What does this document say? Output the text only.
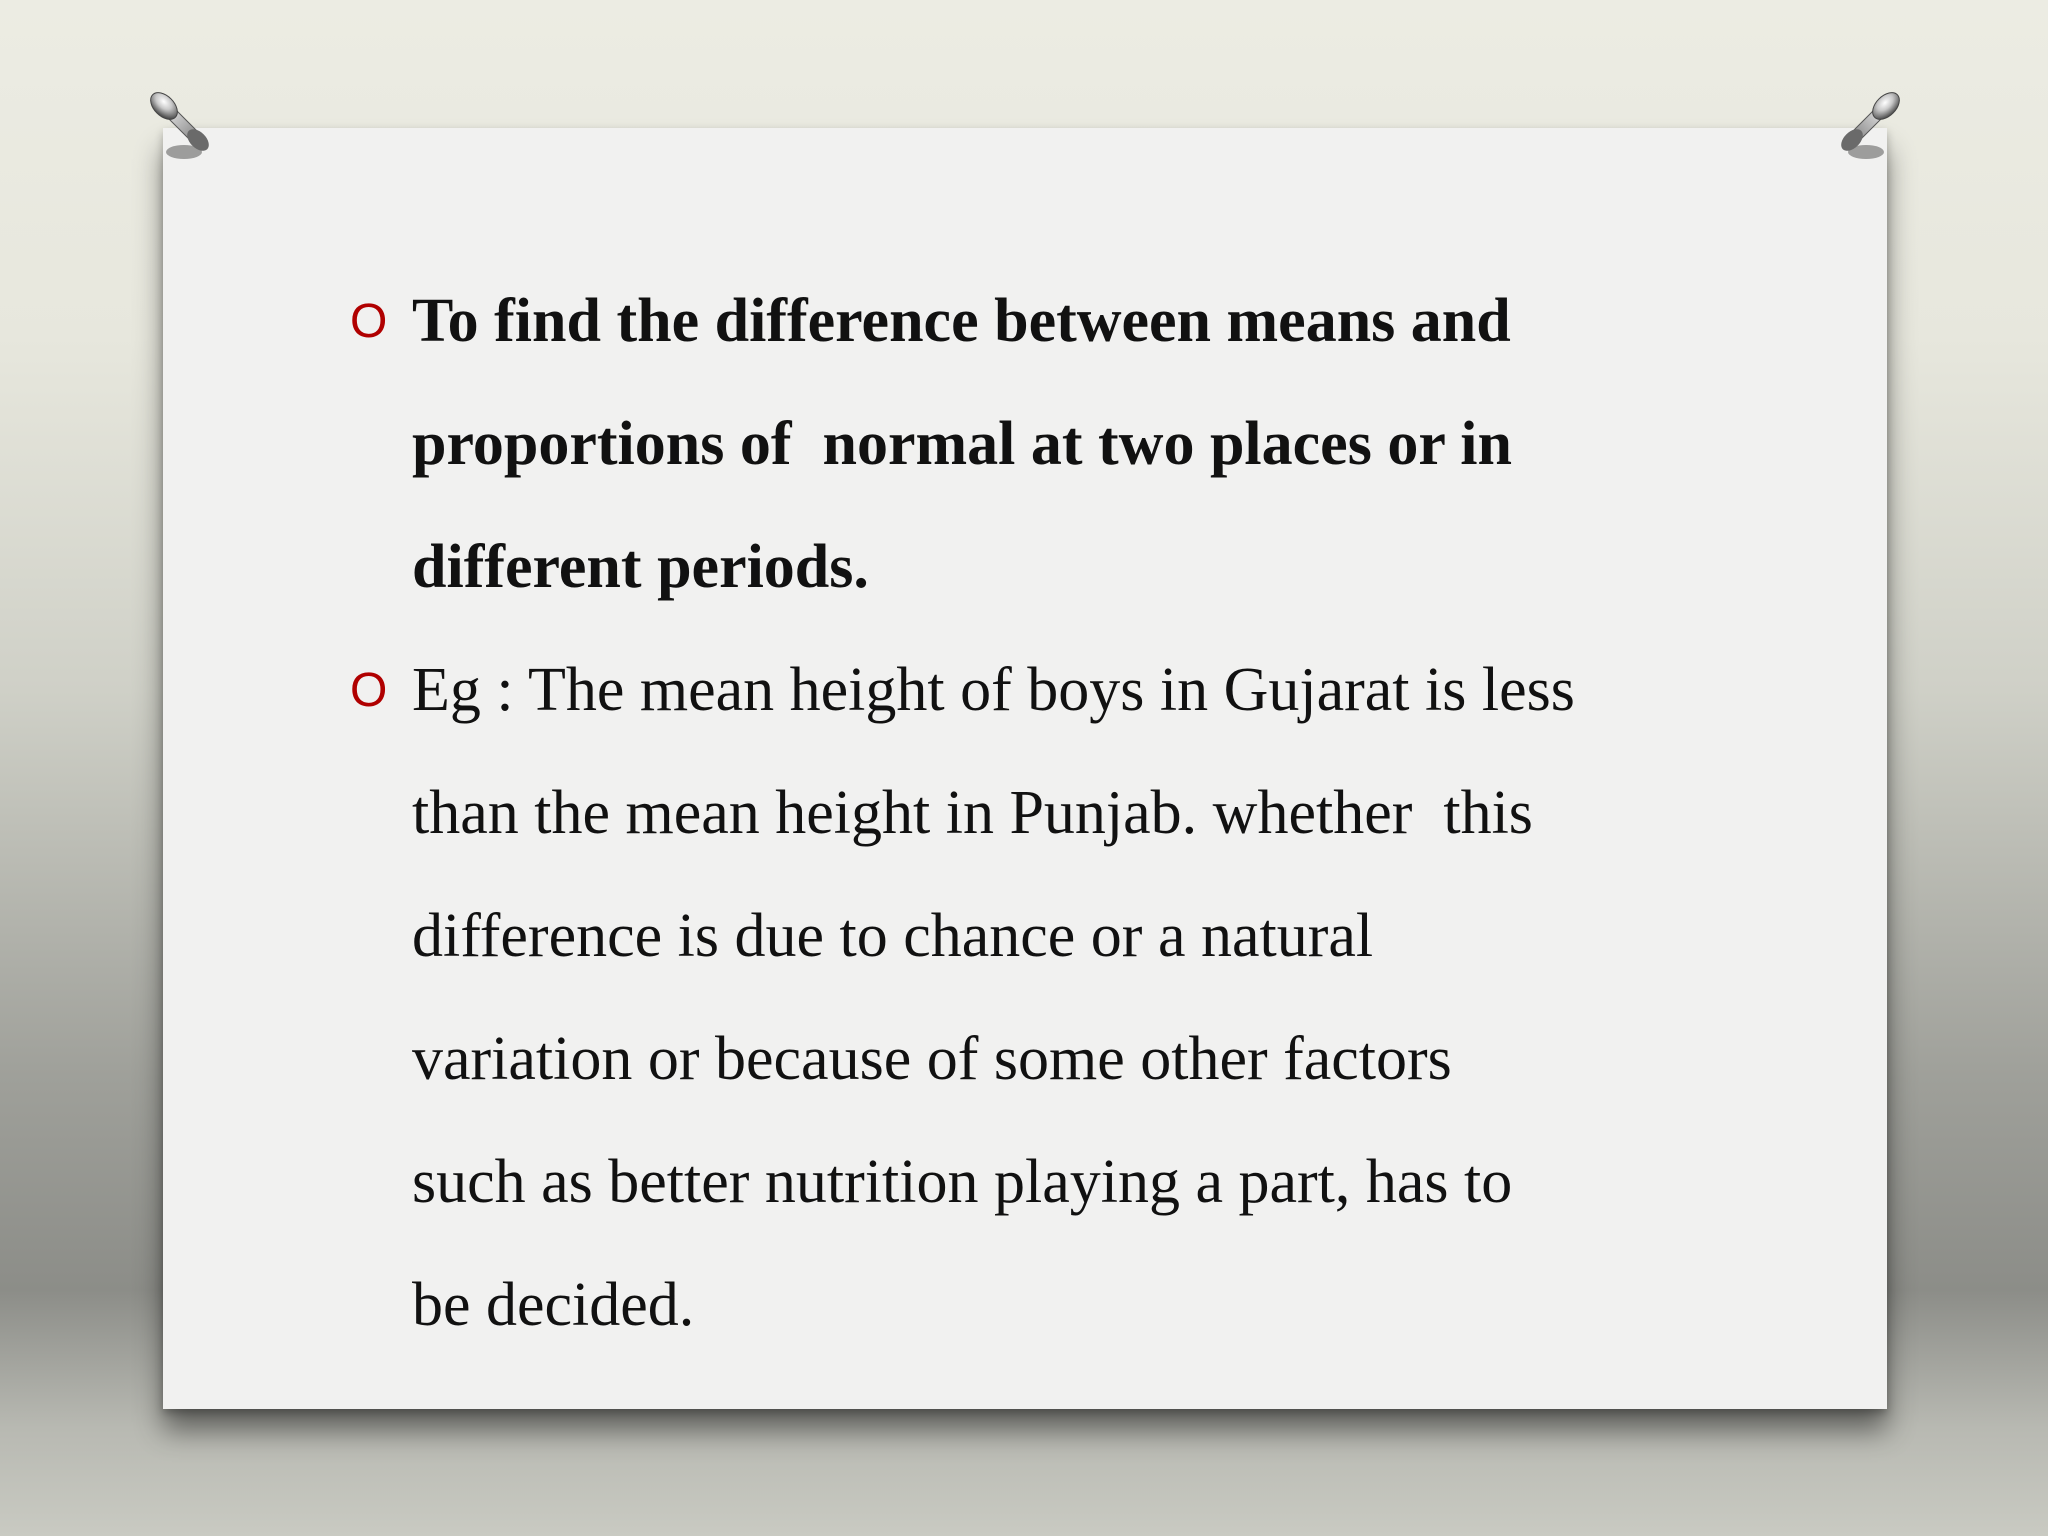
O To find the difference between means and
proportions of  normal at two places or in
different periods.
O Eg : The mean height of boys in Gujarat is less
than the mean height in Punjab. whether  this
difference is due to chance or a natural
variation or because of some other factors
such as better nutrition playing a part, has to
be decided.
